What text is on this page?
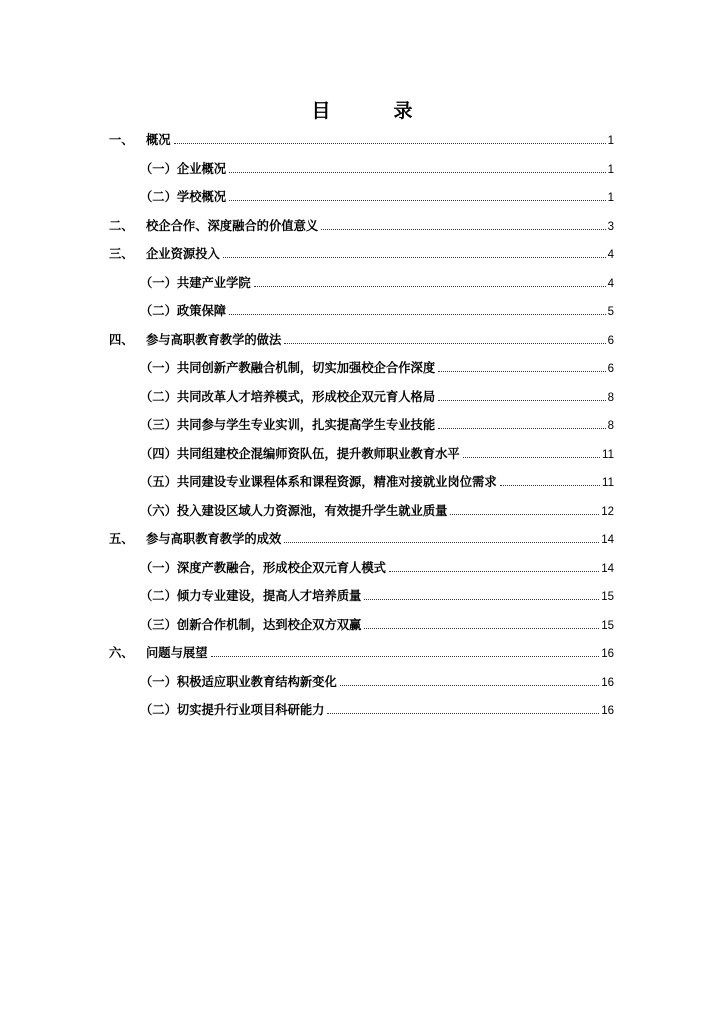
目　录
一、	概况	1
（一）企业概况	1
（二）学校概况	1
二、	校企合作、深度融合的价值意义	3
三、	企业资源投入	4
（一）共建产业学院	4
（二）政策保障	5
四、	参与高职教育教学的做法	6
（一）共同创新产教融合机制，切实加强校企合作深度	6
（二）共同改革人才培养模式，形成校企双元育人格局	8
（三）共同参与学生专业实训，扎实提高学生专业技能	8
（四）共同组建校企混编师资队伍，提升教师职业教育水平	11
（五）共同建设专业课程体系和课程资源，精准对接就业岗位需求	11
（六）投入建设区域人力资源池，有效提升学生就业质量	12
五、	参与高职教育教学的成效	14
（一）深度产教融合，形成校企双元育人模式	14
（二）倾力专业建设，提高人才培养质量	15
（三）创新合作机制，达到校企双方双赢	15
六、	问题与展望	16
（一）积极适应职业教育结构新变化	16
（二）切实提升行业项目科研能力	16
